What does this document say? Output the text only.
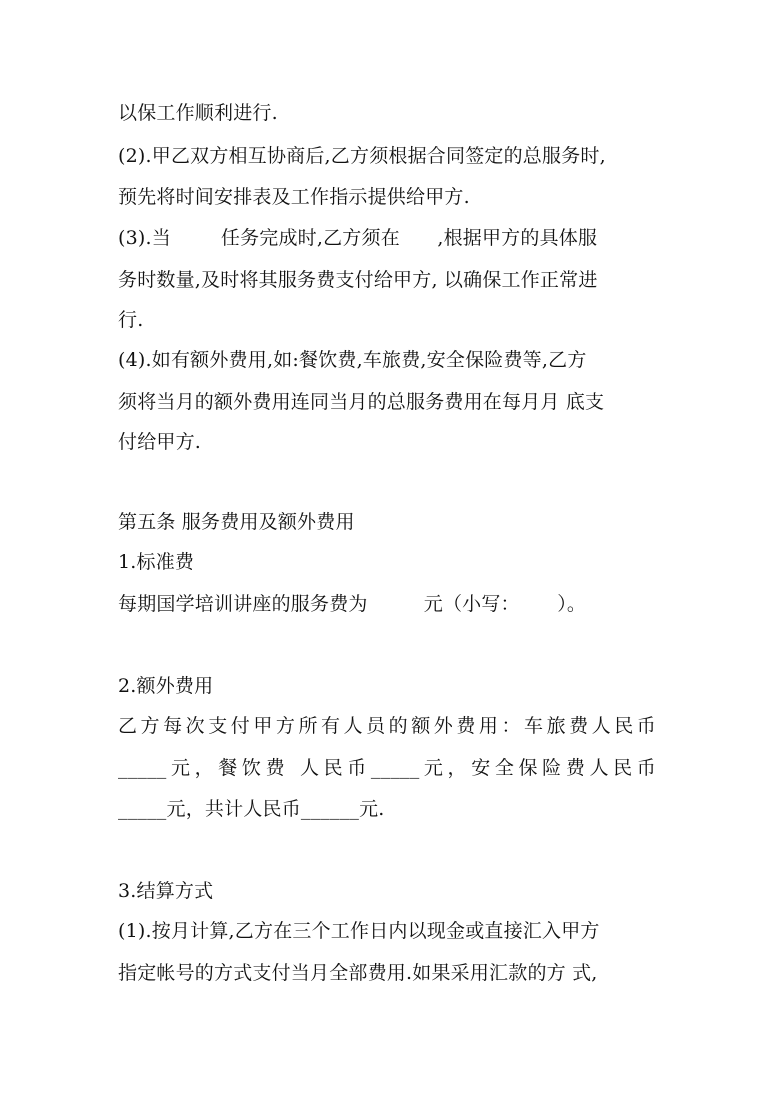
以保工作顺利进行.
(2).甲乙双方相互协商后,乙方须根据合同签定的总服务时,
预先将时间安排表及工作指示提供给甲方.
(3).当        任务完成时,乙方须在      ,根据甲方的具体服
务时数量,及时将其服务费支付给甲方, 以确保工作正常进
行.
(4).如有额外费用,如:餐饮费,车旅费,安全保险费等,乙方
须将当月的额外费用连同当月的总服务费用在每月月 底支
付给甲方.
第五条 服务费用及额外费用
1.标准费
每期国学培训讲座的服务费为         元（小写：      ）。
2.额外费用
乙方每次支付甲方所有人员的额外费用：车旅费人民币
_____元，餐饮费 人民币_____元，安全保险费人民币
_____元，共计人民币______元.
3.结算方式
(1).按月计算,乙方在三个工作日内以现金或直接汇入甲方
指定帐号的方式支付当月全部费用.如果采用汇款的方 式,
